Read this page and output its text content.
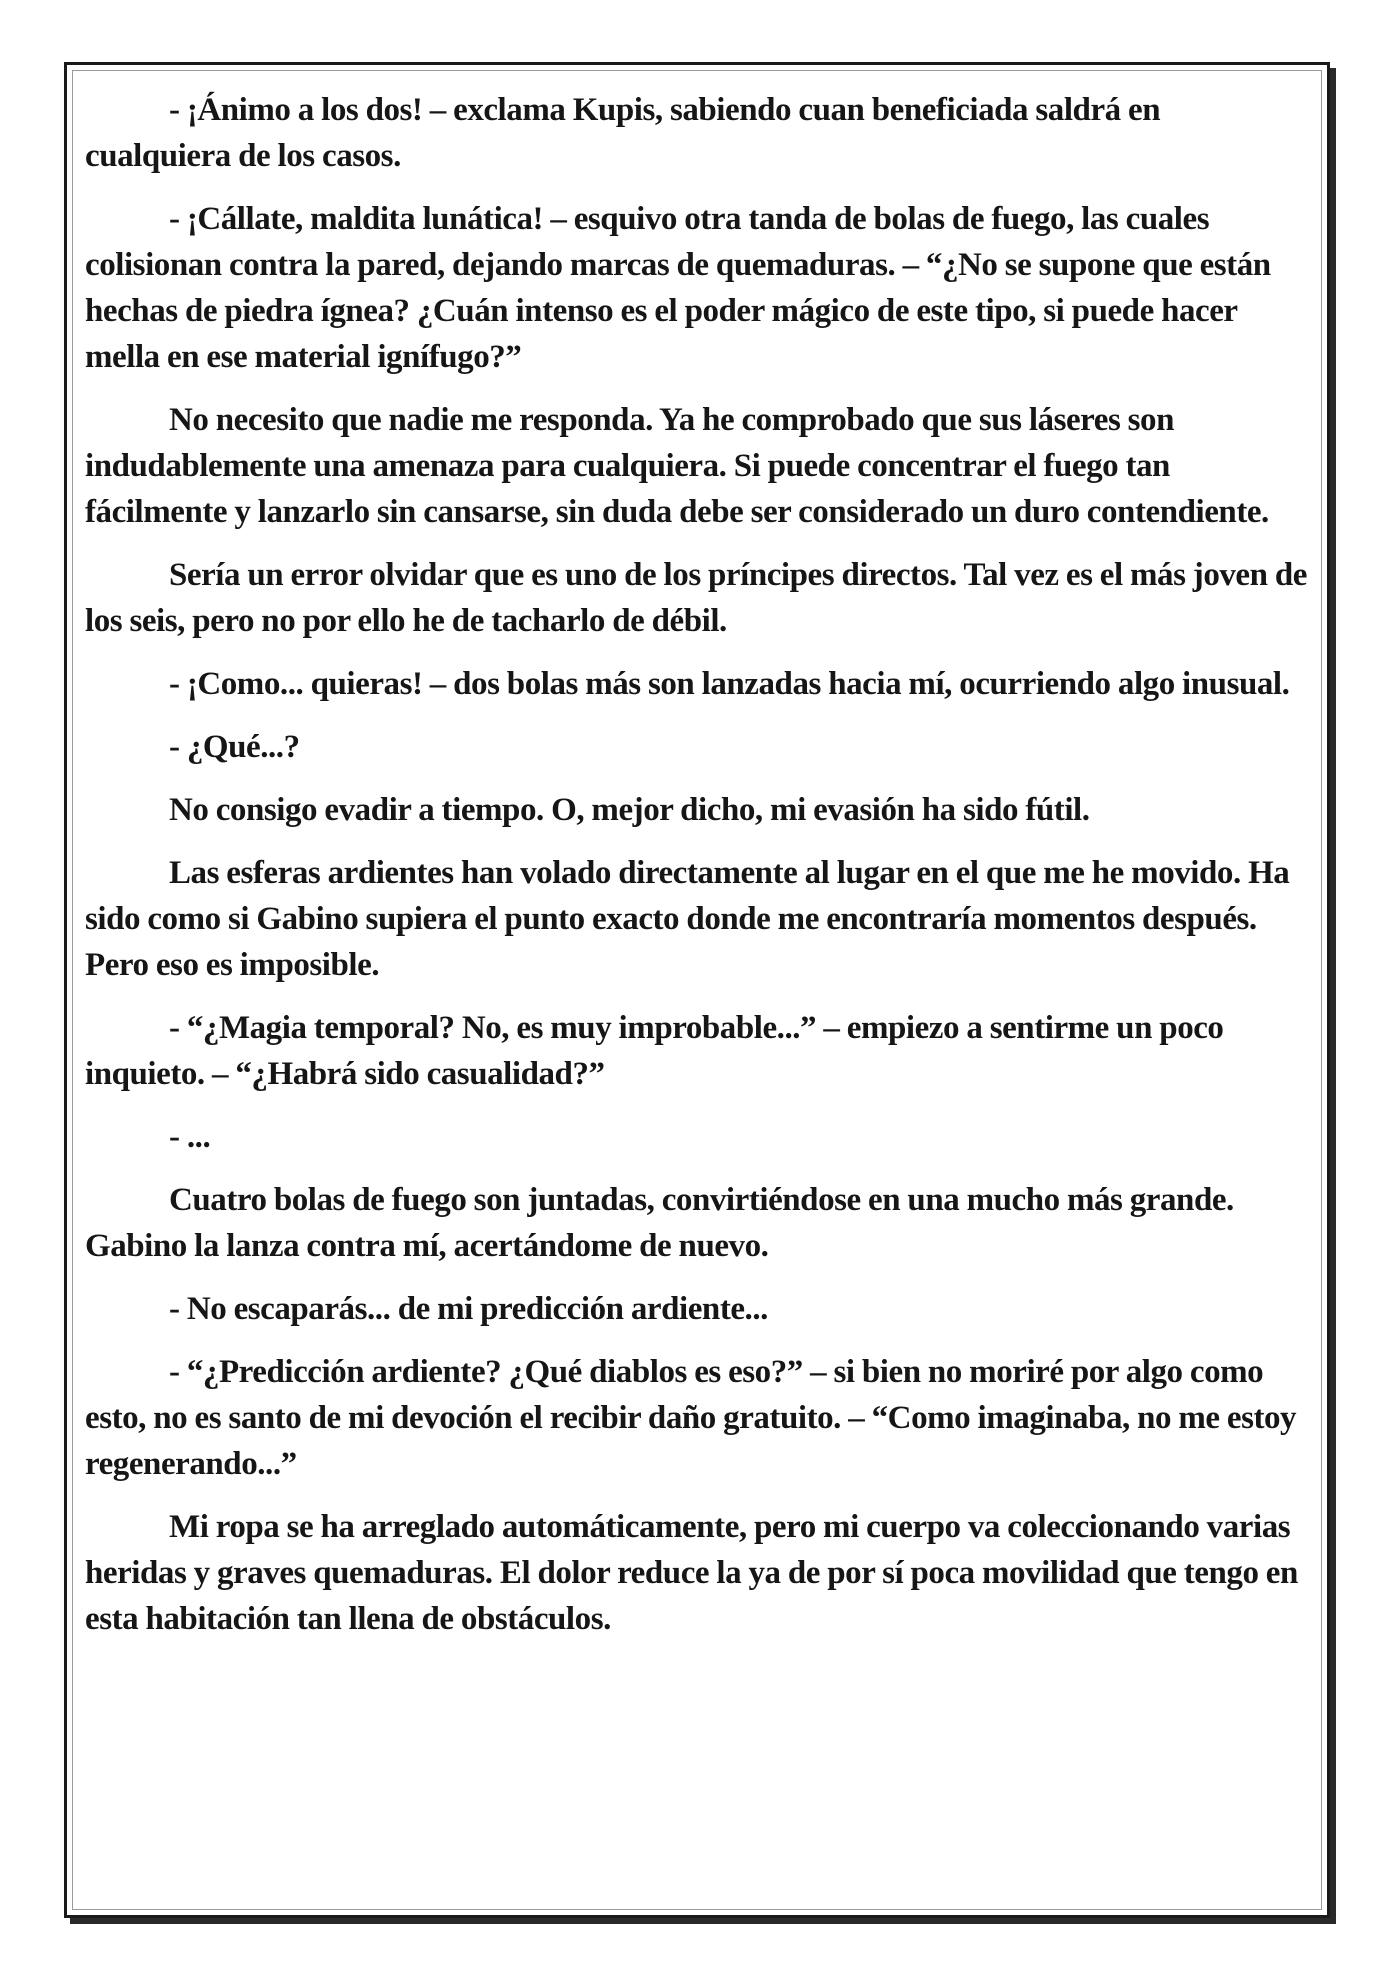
- ¡Ánimo a los dos! – exclama Kupis, sabiendo cuan beneficiada saldrá en cualquiera de los casos.

- ¡Cállate, maldita lunática! – esquivo otra tanda de bolas de fuego, las cuales colisionan contra la pared, dejando marcas de quemaduras. – “¿No se supone que están hechas de piedra ígnea? ¿Cuán intenso es el poder mágico de este tipo, si puede hacer mella en ese material ignífugo?”

No necesito que nadie me responda. Ya he comprobado que sus láseres son indudablemente una amenaza para cualquiera. Si puede concentrar el fuego tan fácilmente y lanzarlo sin cansarse, sin duda debe ser considerado un duro contendiente.

Sería un error olvidar que es uno de los príncipes directos. Tal vez es el más joven de los seis, pero no por ello he de tacharlo de débil.

- ¡Como... quieras! – dos bolas más son lanzadas hacia mí, ocurriendo algo inusual.

- ¿Qué...?

No consigo evadir a tiempo. O, mejor dicho, mi evasión ha sido fútil.

Las esferas ardientes han volado directamente al lugar en el que me he movido. Ha sido como si Gabino supiera el punto exacto donde me encontraría momentos después. Pero eso es imposible.

- “¿Magia temporal? No, es muy improbable...” – empiezo a sentirme un poco inquieto. – “¿Habrá sido casualidad?”

- ...

Cuatro bolas de fuego son juntadas, convirtiéndose en una mucho más grande. Gabino la lanza contra mí, acertándome de nuevo.

- No escaparás... de mi predicción ardiente...

- “¿Predicción ardiente? ¿Qué diablos es eso?” – si bien no moriré por algo como esto, no es santo de mi devoción el recibir daño gratuito. – “Como imaginaba, no me estoy regenerando...”

Mi ropa se ha arreglado automáticamente, pero mi cuerpo va coleccionando varias heridas y graves quemaduras. El dolor reduce la ya de por sí poca movilidad que tengo en esta habitación tan llena de obstáculos.
